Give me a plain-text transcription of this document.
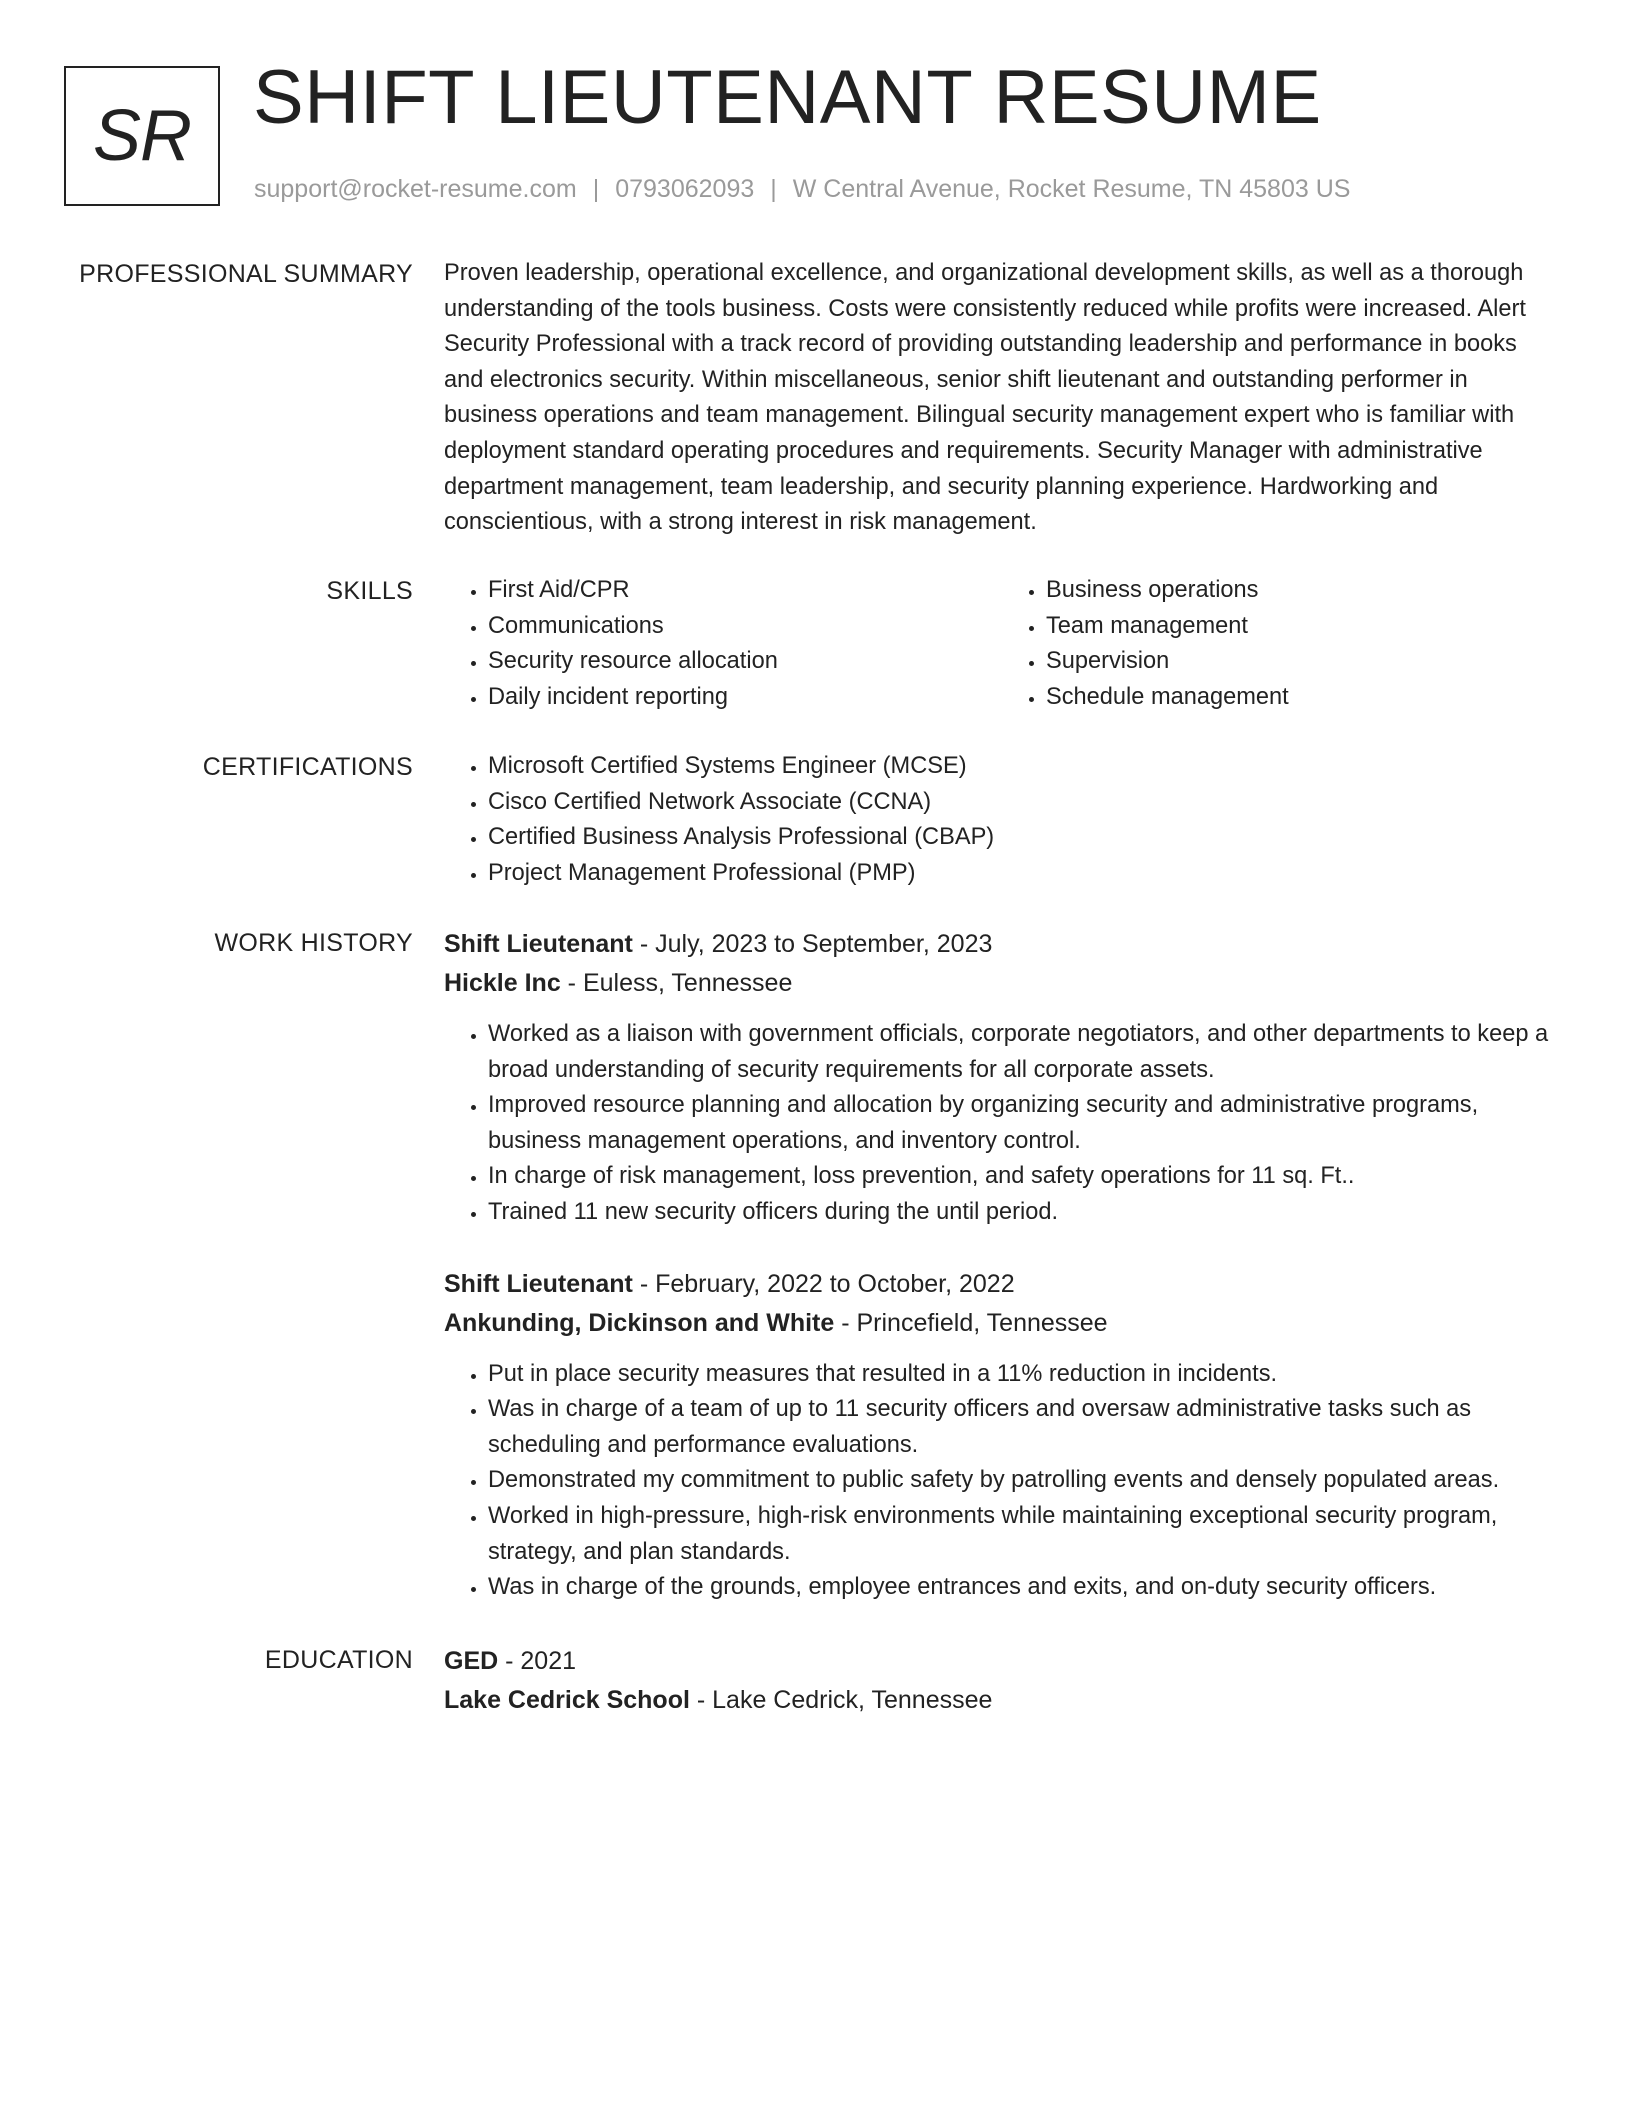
SR SHIFT LIEUTENANT RESUME
support@rocket-resume.com | 0793062093 | W Central Avenue, Rocket Resume, TN 45803 US
PROFESSIONAL SUMMARY Proven leadership, operational excellence, and organizational development skills, as well as a thorough understanding of the tools business. Costs were consistently reduced while profits were increased. Alert Security Professional with a track record of providing outstanding leadership and performance in books and electronics security. Within miscellaneous, senior shift lieutenant and outstanding performer in business operations and team management. Bilingual security management expert who is familiar with deployment standard operating procedures and requirements. Security Manager with administrative department management, team leadership, and security planning experience. Hardworking and conscientious, with a strong interest in risk management.

SKILLS	• First Aid/CPR
• Communications
• Security resource allocation
• Daily incident reporting
• Business operations
• Team management
• Supervision
• Schedule management
CERTIFICATIONS	• Microsoft Certified Systems Engineer (MCSE)
• Cisco Certified Network Associate (CCNA)
• Certified Business Analysis Professional (CBAP)
• Project Management Professional (PMP)
WORK HISTORY Shift Lieutenant - July, 2023 to September, 2023
Hickle Inc - Euless, Tennessee
• Worked as a liaison with government officials, corporate negotiators, and other departments to keep a broad understanding of security requirements for all corporate assets.
• Improved resource planning and allocation by organizing security and administrative programs, business management operations, and inventory control.
• In charge of risk management, loss prevention, and safety operations for 11 sq. Ft..
• Trained 11 new security officers during the until period.
Shift Lieutenant - February, 2022 to October, 2022
Ankunding, Dickinson and White - Princefield, Tennessee
• Put in place security measures that resulted in a 11% reduction in incidents.
• Was in charge of a team of up to 11 security officers and oversaw administrative tasks such as scheduling and performance evaluations.
• Demonstrated my commitment to public safety by patrolling events and densely populated areas.
• Worked in high-pressure, high-risk environments while maintaining exceptional security program, strategy, and plan standards.
• Was in charge of the grounds, employee entrances and exits, and on-duty security officers.
EDUCATION GED - 2021
Lake Cedrick School - Lake Cedrick, Tennessee
